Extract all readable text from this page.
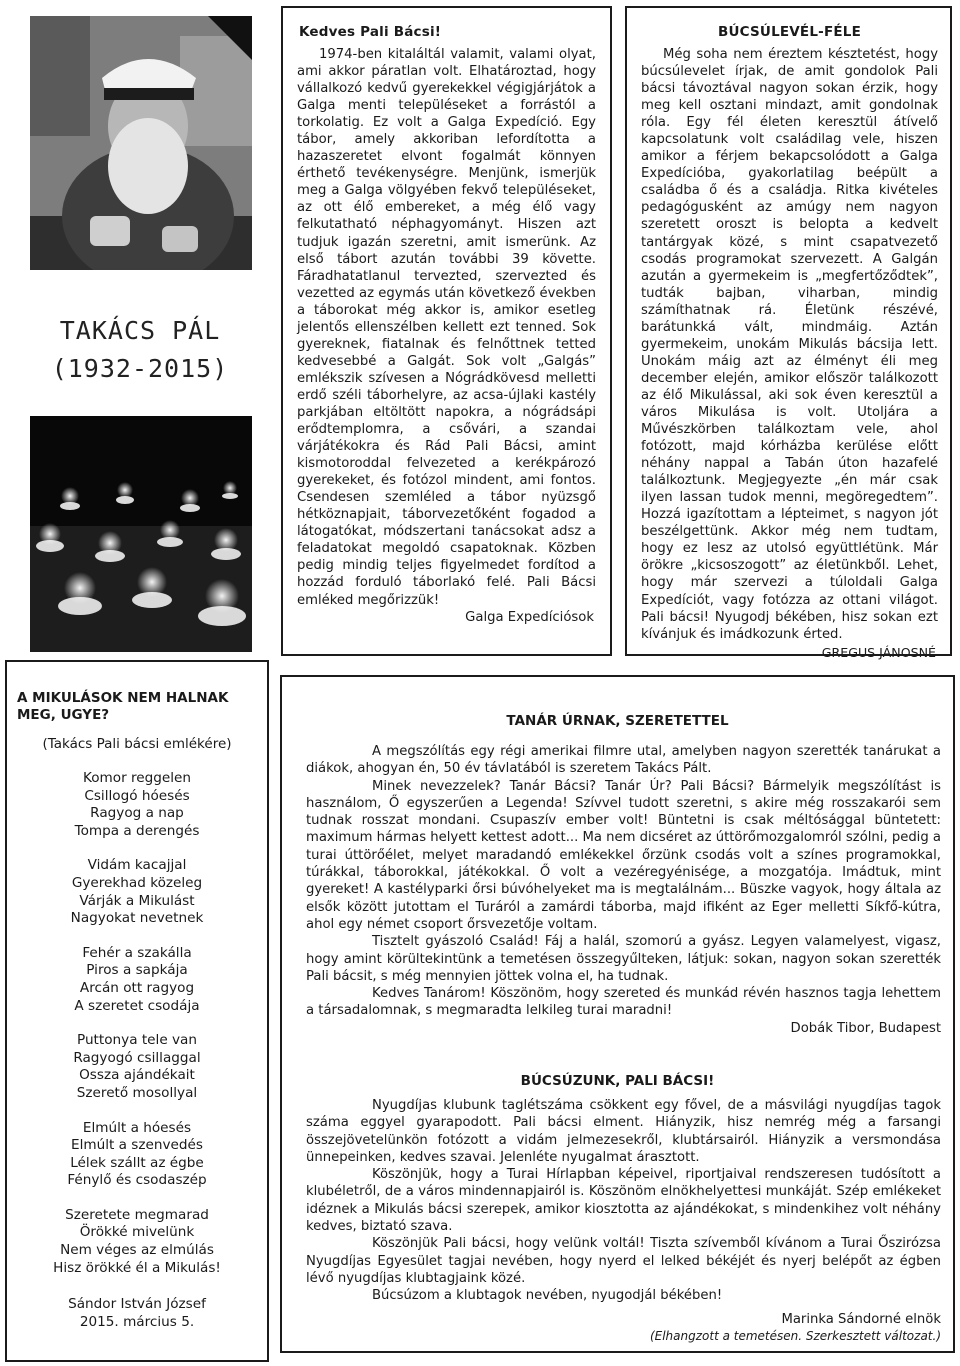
TAKÁCS PÁL
(1932-2015)
Kedves Pali Bácsi!
1974-ben kitaláltál valamit, valami olyat, ami akkor páratlan volt. Elhatároztad, hogy vállalkozó kedvű gyerekekkel végigjárjátok a Galga menti településeket a forrástól a torkolatig. Ez volt a Galga Expedíció. Egy tábor, amely akkoriban lefordította a hazaszeretet elvont fogalmát könnyen érthető tevékenységre. Menjünk, ismerjük meg a Galga völgyében fekvő településeket, az ott élő embereket, a még élő vagy felkutatható néphagyományt. Hiszen azt tudjuk igazán szeretni, amit ismerünk. Az első tábort azután további 39 követte. Fáradhatatlanul tervezted, szervezted és vezetted az egymás után következő években a táborokat még akkor is, amikor esetleg jelentős ellenszélben kellett ezt tenned. Sok gyereknek, fiatalnak és felnőttnek tetted kedvesebbé a Galgát. Sok volt „Galgás” emlékszik szívesen a Nógrádkövesd melletti erdő széli táborhelyre, az acsa-újlaki kastély parkjában eltöltött napokra, a nógrádsápi erődtemplomra, a csővári, a szandai várjátékokra és Rád Pali Bácsi, amint kismotoroddal felvezeted a kerékpározó gyerekeket, és fotózol mindent, ami fontos. Csendesen szemléled a tábor nyüzsgő hétköznapjait, táborvezetőként fogadod a látogatókat, módszertani tanácsokat adsz a feladatokat megoldó csapatoknak. Közben pedig mindig teljes figyelmedet fordítod a hozzád forduló táborlakó felé. Pali Bácsi emléked megőrizzük!
Galga Expedíciósok
BÚCSÚLEVÉL-FÉLE
Még soha nem éreztem késztetést, hogy búcsúlevelet írjak, de amit gondolok Pali bácsi távoztával nagyon sokan érzik, hogy meg kell osztani mindazt, amit gondolnak róla. Egy fél életen keresztül átívelő kapcsolatunk volt családilag vele, hiszen amikor a férjem bekapcsolódott a Galga Expedícióba, gyakorlatilag beépült a családba ő és a családja. Ritka kivételes pedagógusként az amúgy nem nagyon szeretett oroszt is belopta a kedvelt tantárgyak közé, s mint csapatvezető csodás programokat szervezett. A Galgán azután a gyermekeim is „megfertőződtek”, tudták bajban, viharban, mindig számíthatnak rá. Életünk részévé, barátunkká vált, mindmáig. Aztán gyermekeim, unokám Mikulás bácsija lett. Unokám máig azt az élményt éli meg december elején, amikor először találkozott az élő Mikulással, aki sok éven keresztül a város Mikulása is volt. Utoljára a Művészkörben találkoztam vele, ahol fotózott, majd kórházba kerülése előtt néhány nappal a Tabán úton hazafelé találkoztunk. Megjegyezte „én már csak ilyen lassan tudok menni, megöregedtem”. Hozzá igazítottam a lépteimet, s nagyon jót beszélgettünk. Akkor még nem tudtam, hogy ez lesz az utolsó együttlétünk. Már örökre „kicsoszogott” az életünkből. Lehet, hogy már szervezi a túloldali Galga Expedíciót, vagy fotózza az ottani világot. Pali bácsi! Nyugodj békében, hisz sokan ezt kívánjuk és imádkozunk érted.
GREGUS JÁNOSNÉ
A MIKULÁSOK NEM HALNAK MEG, UGYE?
(Takács Pali bácsi emlékére)
Komor reggelen
Csillogó hóesés
Ragyog a nap
Tompa a derengés
Vidám kacajjal
Gyerekhad közeleg
Várják a Mikulást
Nagyokat nevetnek
Fehér a szakálla
Piros a sapkája
Arcán ott ragyog
A szeretet csodája
Puttonya tele van
Ragyogó csillaggal
Ossza ajándékait
Szerető mosollyal
Elmúlt a hóesés
Elmúlt a szenvedés
Lélek szállt az égbe
Fénylő és csodaszép
Szeretete megmarad
Örökké mivelünk
Nem véges az elmúlás
Hisz örökké él a Mikulás!
Sándor István József
2015. március 5.
TANÁR ÚRNAK, SZERETETTEL

A megszólítás egy régi amerikai filmre utal, amelyben nagyon szerették tanárukat a diákok, ahogyan én, 50 év távlatából is szeretem Takács Pált.

Minek nevezzelek? Tanár Bácsi? Tanár Úr? Pali Bácsi? Bármelyik megszólítást is használom, Ő egyszerűen a Legenda! Szívvel tudott szeretni, s akire még rosszakarói sem tudnak rosszat mondani. Csupaszív ember volt! Büntetni is csak méltósággal büntetett: maximum hármas helyett kettest adott... Ma nem dicséret az úttörőmozgalomról szólni, pedig a turai úttörőélet, melyet maradandó emlékekkel őrzünk csodás volt a színes programokkal, túrákkal, táborokkal, játékokkal. Ő volt a vezéregyénisége, a mozgatója. Imádtuk, mint gyereket! A kastélyparki őrsi búvóhelyeket ma is megtalálnám... Büszke vagyok, hogy általa az elsők között jutottam el Turáról a zamárdi táborba, majd ifiként az Eger melletti Síkfő-kútra, ahol egy német csoport őrsvezetője voltam.

Tisztelt gyászoló Család! Fáj a halál, szomorú a gyász. Legyen valamelyest, vigasz, hogy amint körültekintünk a temetésen összegyűlteken, látjuk: sokan, nagyon sokan szerették Pali bácsit, s még mennyien jöttek volna el, ha tudnak.

Kedves Tanárom! Köszönöm, hogy szereted és munkád révén hasznos tagja lehettem a társadalomnak, s megmaradta lelkileg turai maradni!

Dobák Tibor, Budapest
BÚCSÚZUNK, PALI BÁCSI!

Nyugdíjas klubunk taglétszáma csökkent egy fővel, de a másvilági nyugdíjas tagok száma eggyel gyarapodott. Pali bácsi elment. Hiányzik, hisz nemrég még a farsangi összejövetelünkön fotózott a vidám jelmezesekről, klubtársairól. Hiányzik a versmondása ünnepeinken, kedves szavai. Jelenléte nyugalmat árasztott.

Köszönjük, hogy a Turai Hírlapban képeivel, riportjaival rendszeresen tudósított a klubéletről, de a város mindennapjairól is. Köszönöm elnökhelyettesi munkáját. Szép emlékeket idéznek a Mikulás bácsi szerepek, amikor kiosztotta az ajándékokat, s mindenkihez volt néhány kedves, biztató szava.

Köszönjük Pali bácsi, hogy velünk voltál! Tiszta szívemből kívánom a Turai Őszirózsa Nyugdíjas Egyesület tagjai nevében, hogy nyerd el lelked békéjét és nyerj belépőt az égben lévő nyugdíjas klubtagjaink közé.

Búcsúzom a klubtagok nevében, nyugodjál békében!

Marinka Sándorné elnök
(Elhangzott a temetésen. Szerkesztett változat.)
